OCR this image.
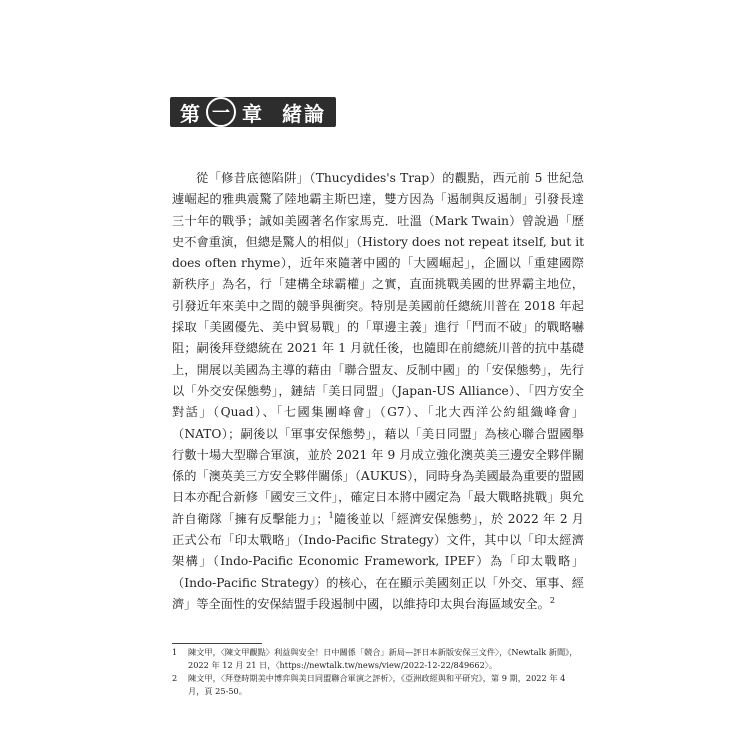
第 一 章 緒論

從「修昔底德陷阱」（Thucydides's Trap）的觀點，西元前 5 世紀急遽崛起的雅典震驚了陸地霸主斯巴達，雙方因為「遏制與反遏制」引發長達三十年的戰爭；誠如美國著名作家馬克．吐溫（Mark Twain）曾說過「歷史不會重演，但總是驚人的相似」（History does not repeat itself, but it does often rhyme），近年來隨著中國的「大國崛起」，企圖以「重建國際新秩序」為名，行「建構全球霸權」之實，直面挑戰美國的世界霸主地位，引發近年來美中之間的競爭與衝突。特別是美國前任總統川普在 2018 年起採取「美國優先、美中貿易戰」的「單邊主義」進行「鬥而不破」的戰略嚇阻；嗣後拜登總統在 2021 年 1 月就任後，也隨即在前總統川普的抗中基礎上，開展以美國為主導的藉由「聯合盟友、反制中國」的「安保態勢」，先行以「外交安保態勢」，鏈結「美日同盟」（Japan-US Alliance）、「四方安全對話」（Quad）、「七國集團峰會」（G7）、「北大西洋公約組織峰會」（NATO）；嗣後以「軍事安保態勢」，藉以「美日同盟」為核心聯合盟國舉行數十場大型聯合軍演，並於 2021 年 9 月成立強化澳英美三邊安全夥伴關係的「澳英美三方安全夥伴關係」（AUKUS），同時身為美國最為重要的盟國日本亦配合新修「國安三文件」，確定日本將中國定為「最大戰略挑戰」與允許自衛隊「擁有反擊能力」；$^1$隨後並以「經濟安保態勢」，於 2022 年 2 月正式公布「印太戰略」（Indo-Pacific Strategy）文件，其中以「印太經濟架構」（Indo-Pacific Economic Framework, IPEF）為「印太戰略」（Indo-Pacific Strategy）的核心，在在顯示美國刻正以「外交、軍事、經濟」等全面性的安保結盟手段遏制中國，以維持印太與台海區域安全。$^2$

1	陳文甲，〈陳文甲觀點〉利益與安全！日中關係「競合」新局—評日本新版安保三文件〉，《Newtalk 新聞》，2022 年 12 月 21 日，〈https://newtalk.tw/news/view/2022-12-22/849662〉。
2	陳文甲，〈拜登時期美中博弈與美日同盟聯合軍演之評析〉，《亞洲政經與和平研究》，第 9 期，2022 年 4 月，頁 25-50。
